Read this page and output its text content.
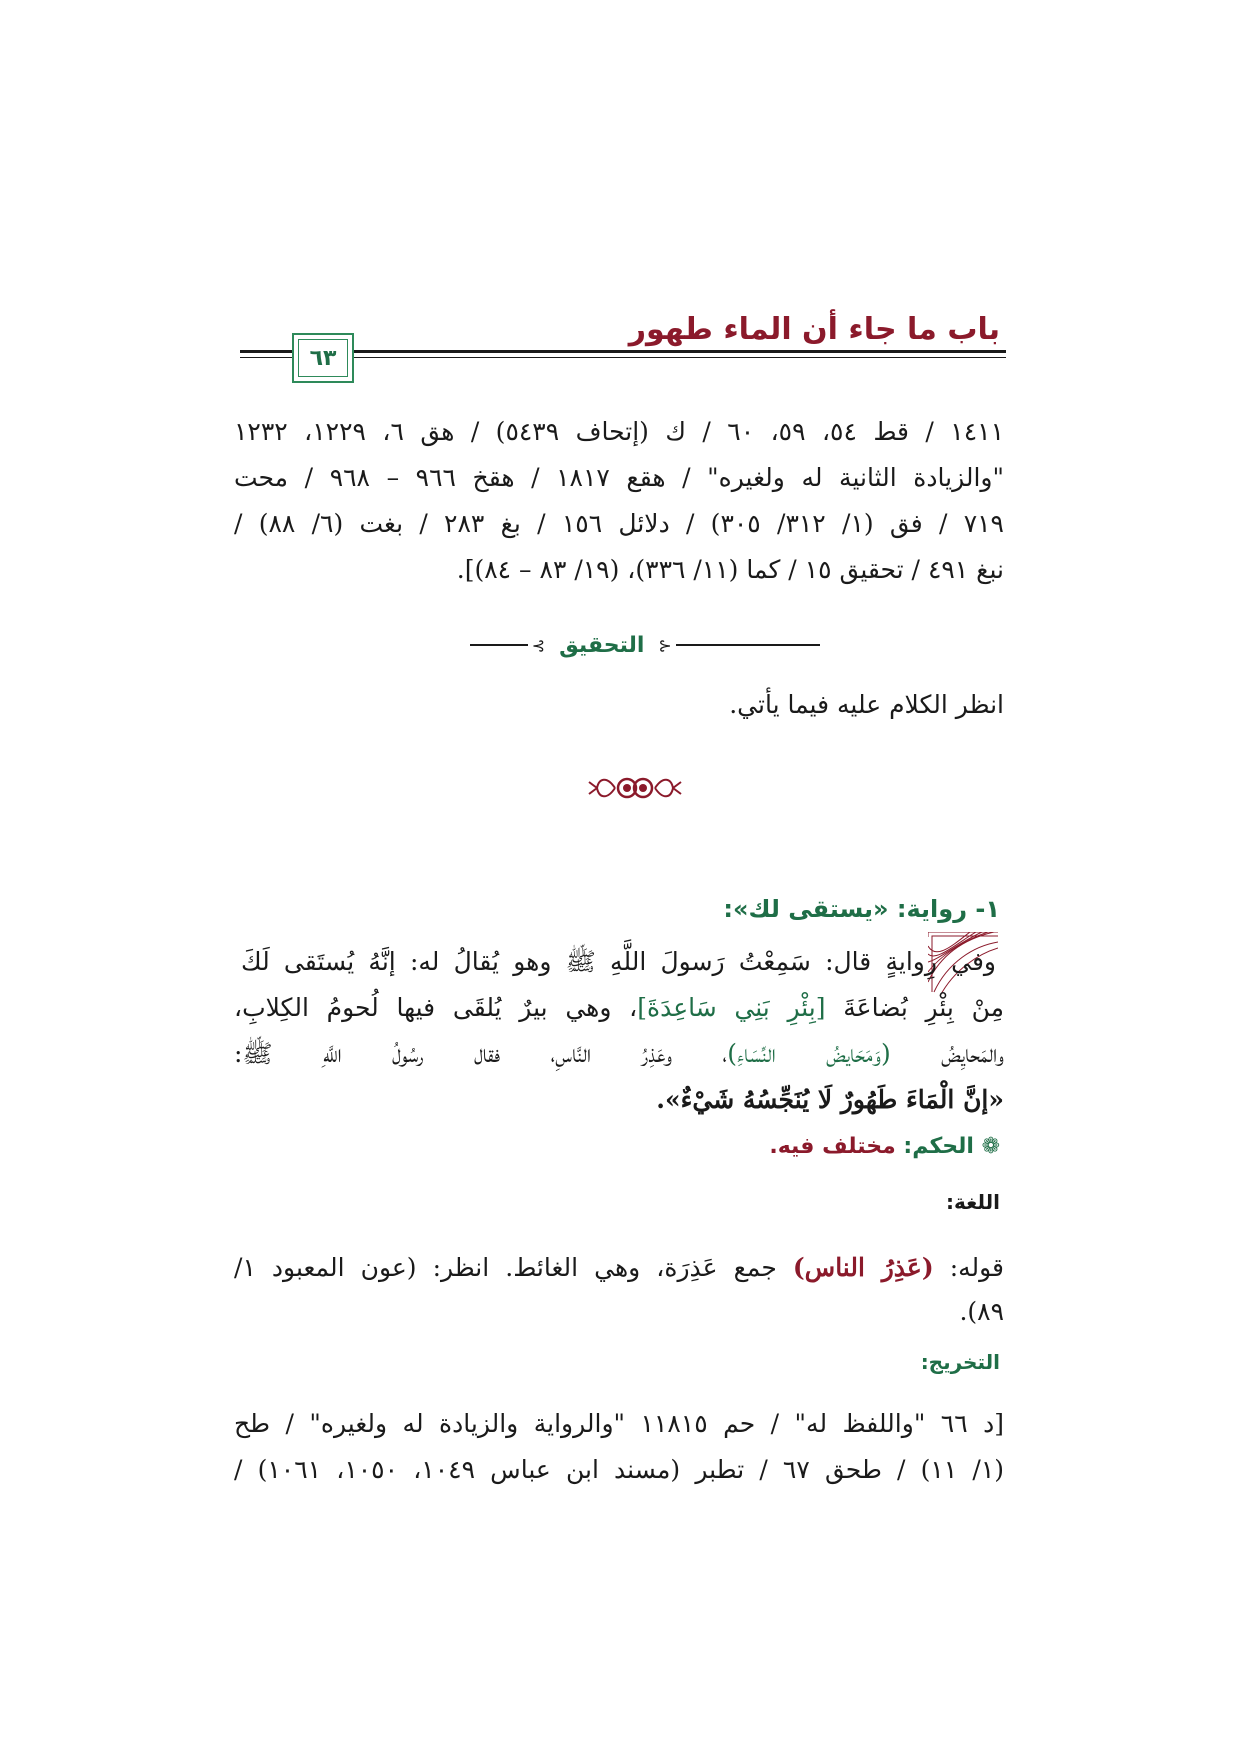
باب ما جاء أن الماء طهور
٦٣
١٤١١ / قط ٥٤، ٥٩، ٦٠ / ك (إتحاف ٥٤٣٩) / هق ٦، ١٢٢٩، ١٢٣٢
"والزيادة الثانية له ولغيره" / هقع ١٨١٧ / هقخ ٩٦٦ – ٩٦٨ / محت
٧١٩ / فق (١/ ٣١٢/ ٣٠٥) / دلائل ١٥٦ / بغ ٢٨٣ / بغت (٦/ ٨٨) /
نبغ ٤٩١ / تحقيق ١٥ / كما (١١/ ٣٣٦)، (١٩/ ٨٣ – ٨٤)].
⊰
التحقيق
⊱
انظر الكلام عليه فيما يأتي.
١- رواية: «يستقى لك»:
وفي رِوايةٍ قال: سَمِعْتُ رَسولَ اللَّهِ ﷺ وهو يُقالُ له: إنَّهُ يُستَقى لَكَ
مِنْ بِئْرِ بُضاعَةَ [بِئْرِ بَنِي سَاعِدَةَ]، وهي بيرٌ يُلقَى فيها لُحومُ الكِلابِ،
والمَحايِضُ (وَمَحَايضُ النِّسَاءِ)، وعَذِرُ النَّاسِ، فقال رسُولُ اللَّهِ ﷺ:
«إنَّ الْمَاءَ طَهُورٌ لَا يُنَجِّسُهُ شَيْءٌ».
❁ الحكم: مختلف فيه.
اللغة:
قوله: (عَذِرُ الناس) جمع عَذِرَة، وهي الغائط. انظر: (عون المعبود ١/
٨٩).
التخريج:
[د ٦٦ "واللفظ له" / حم ١١٨١٥ "والرواية والزيادة له ولغيره" / طح
(١/ ١١) / طحق ٦٧ / تطبر (مسند ابن عباس ١٠٤٩، ١٠٥٠، ١٠٦١) /
